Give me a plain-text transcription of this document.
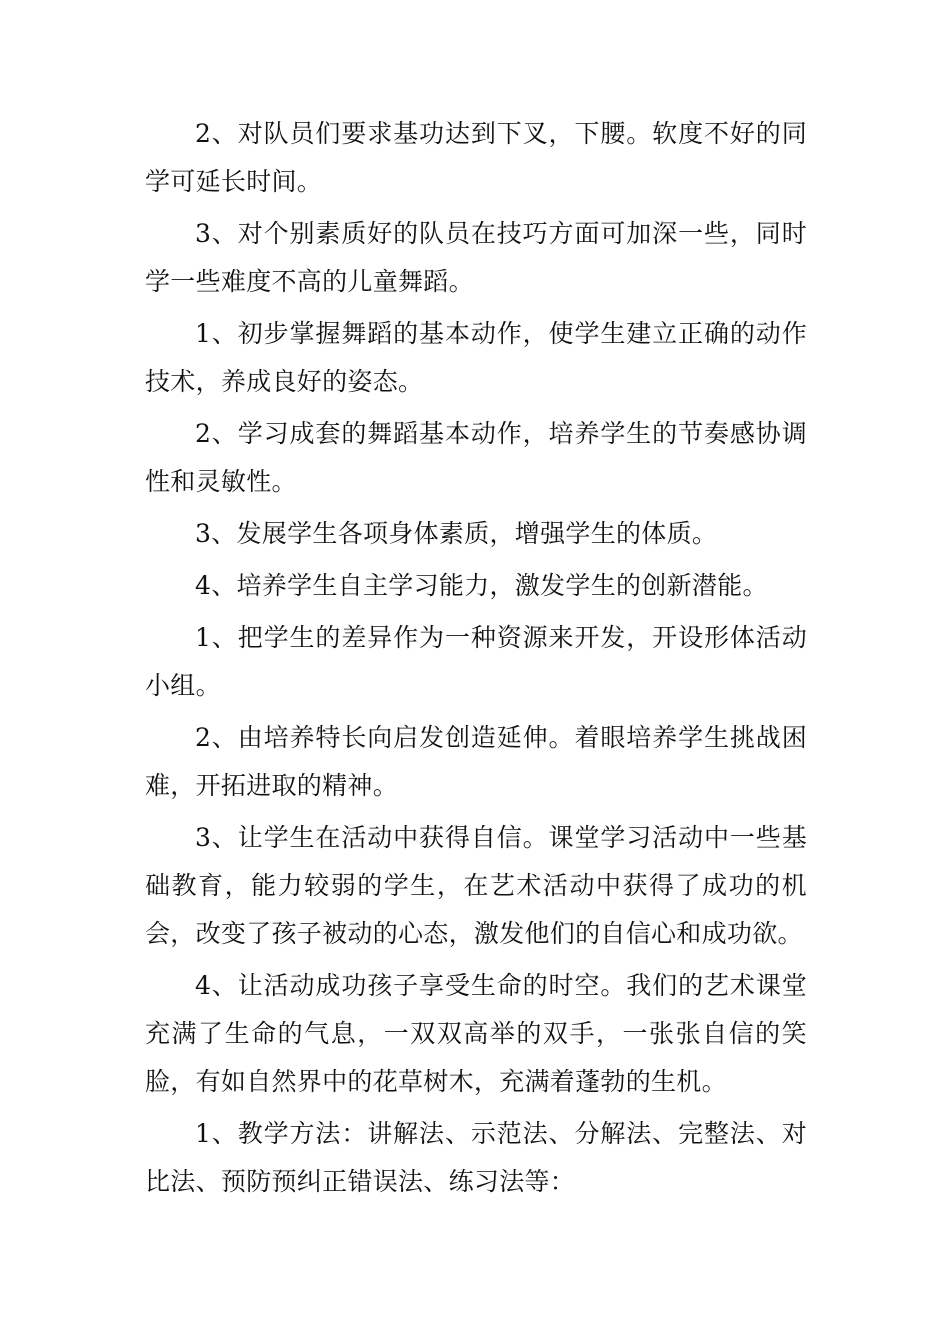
2、对队员们要求基功达到下叉，下腰。软度不好的同学可延长时间。

3、对个别素质好的队员在技巧方面可加深一些，同时学一些难度不高的儿童舞蹈。

1、初步掌握舞蹈的基本动作，使学生建立正确的动作技术，养成良好的姿态。

2、学习成套的舞蹈基本动作，培养学生的节奏感协调性和灵敏性。

3、发展学生各项身体素质，增强学生的体质。

4、培养学生自主学习能力，激发学生的创新潜能。

1、把学生的差异作为一种资源来开发，开设形体活动小组。

2、由培养特长向启发创造延伸。着眼培养学生挑战困难，开拓进取的精神。

3、让学生在活动中获得自信。课堂学习活动中一些基础教育，能力较弱的学生，在艺术活动中获得了成功的机会，改变了孩子被动的心态，激发他们的自信心和成功欲。

4、让活动成功孩子享受生命的时空。我们的艺术课堂充满了生命的气息，一双双高举的双手，一张张自信的笑脸，有如自然界中的花草树木，充满着蓬勃的生机。

1、教学方法：讲解法、示范法、分解法、完整法、对比法、预防预纠正错误法、练习法等：
